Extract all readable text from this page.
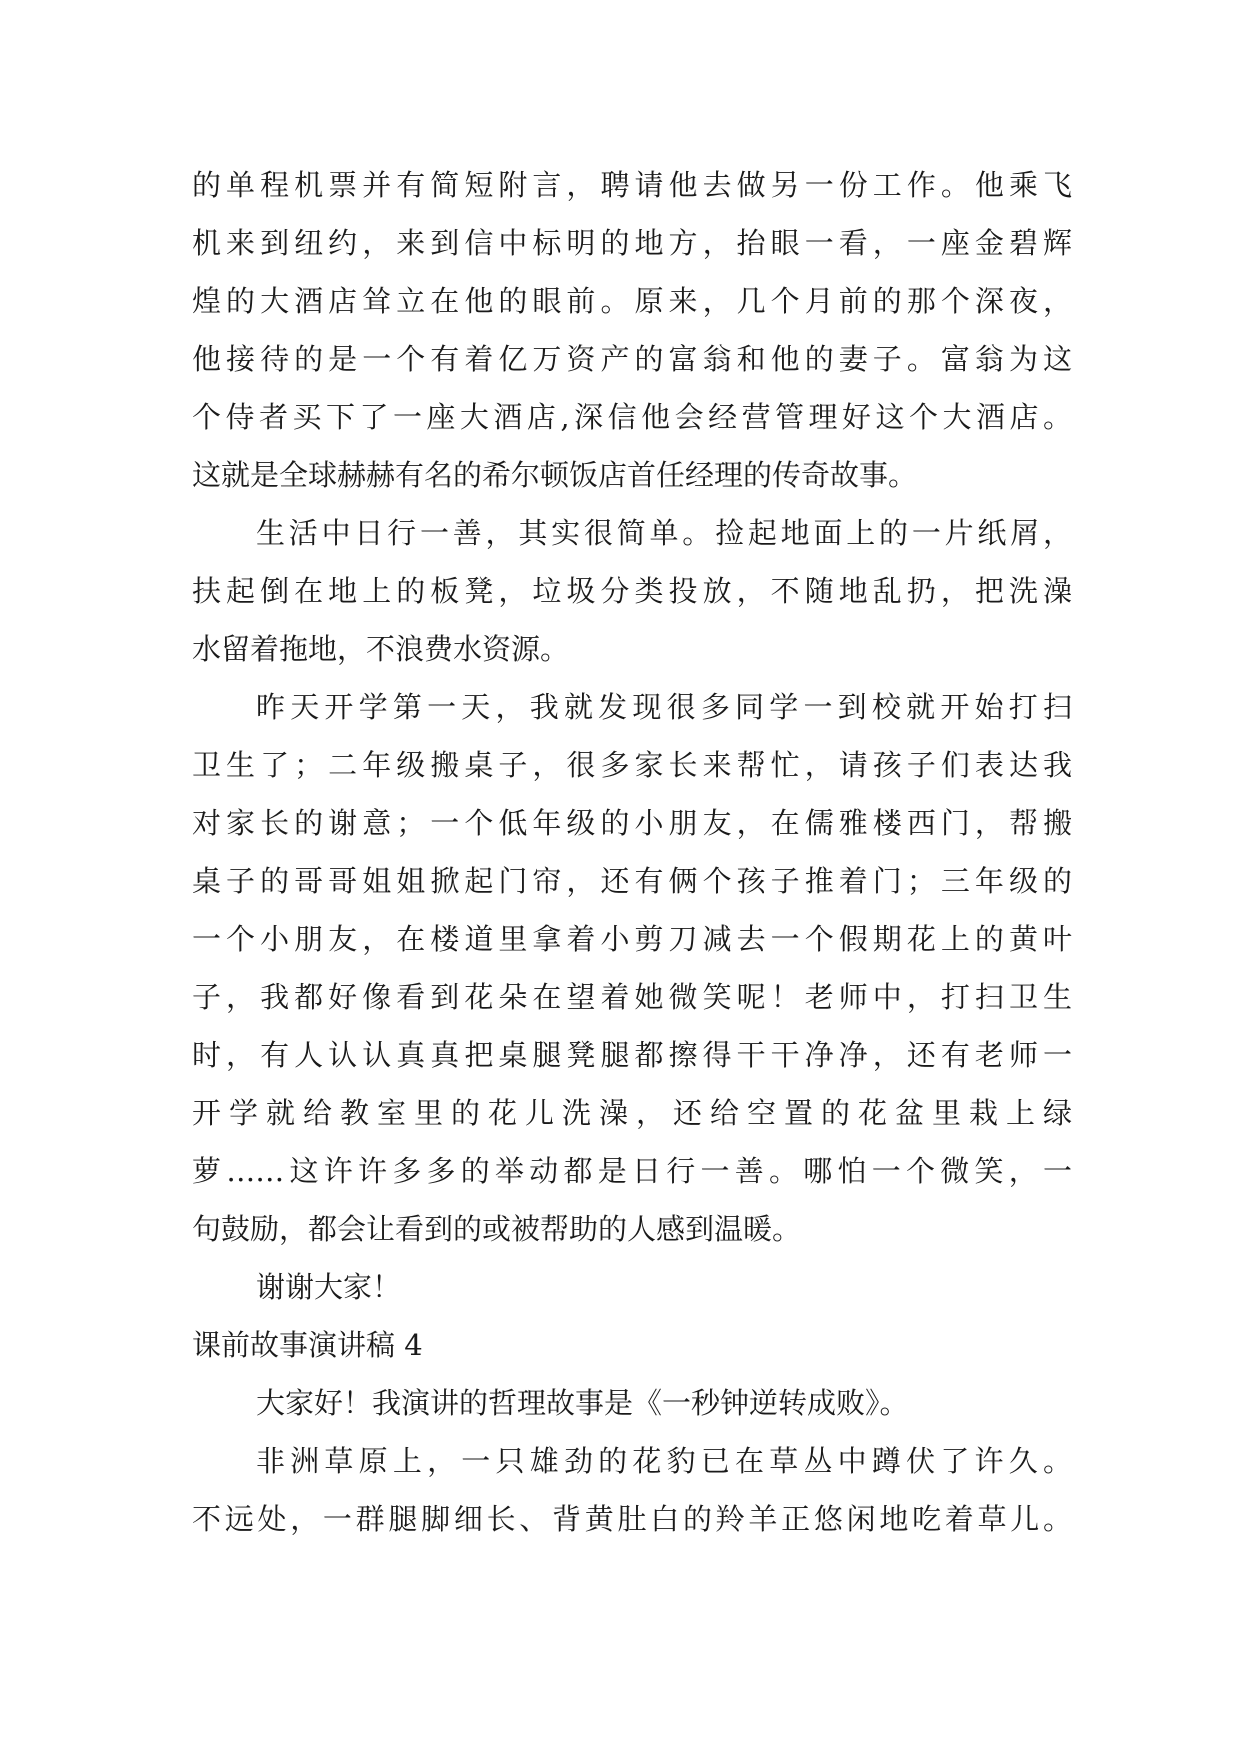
的单程机票并有简短附言，聘请他去做另一份工作。他乘飞
机来到纽约，来到信中标明的地方，抬眼一看，一座金碧辉
煌的大酒店耸立在他的眼前。原来，几个月前的那个深夜，
他接待的是一个有着亿万资产的富翁和他的妻子。富翁为这
个侍者买下了一座大酒店,深信他会经营管理好这个大酒店。
这就是全球赫赫有名的希尔顿饭店首任经理的传奇故事。
生活中日行一善，其实很简单。捡起地面上的一片纸屑，
扶起倒在地上的板凳，垃圾分类投放，不随地乱扔，把洗澡
水留着拖地，不浪费水资源。
昨天开学第一天，我就发现很多同学一到校就开始打扫
卫生了；二年级搬桌子，很多家长来帮忙，请孩子们表达我
对家长的谢意；一个低年级的小朋友，在儒雅楼西门，帮搬
桌子的哥哥姐姐掀起门帘，还有俩个孩子推着门；三年级的
一个小朋友，在楼道里拿着小剪刀减去一个假期花上的黄叶
子，我都好像看到花朵在望着她微笑呢！老师中，打扫卫生
时，有人认认真真把桌腿凳腿都擦得干干净净，还有老师一
开学就给教室里的花儿洗澡，还给空置的花盆里栽上绿
萝……这许许多多的举动都是日行一善。哪怕一个微笑，一
句鼓励，都会让看到的或被帮助的人感到温暖。
谢谢大家！
课前故事演讲稿 4
大家好！我演讲的哲理故事是《一秒钟逆转成败》。
非洲草原上，一只雄劲的花豹已在草丛中蹲伏了许久。
不远处，一群腿脚细长、背黄肚白的羚羊正悠闲地吃着草儿。
